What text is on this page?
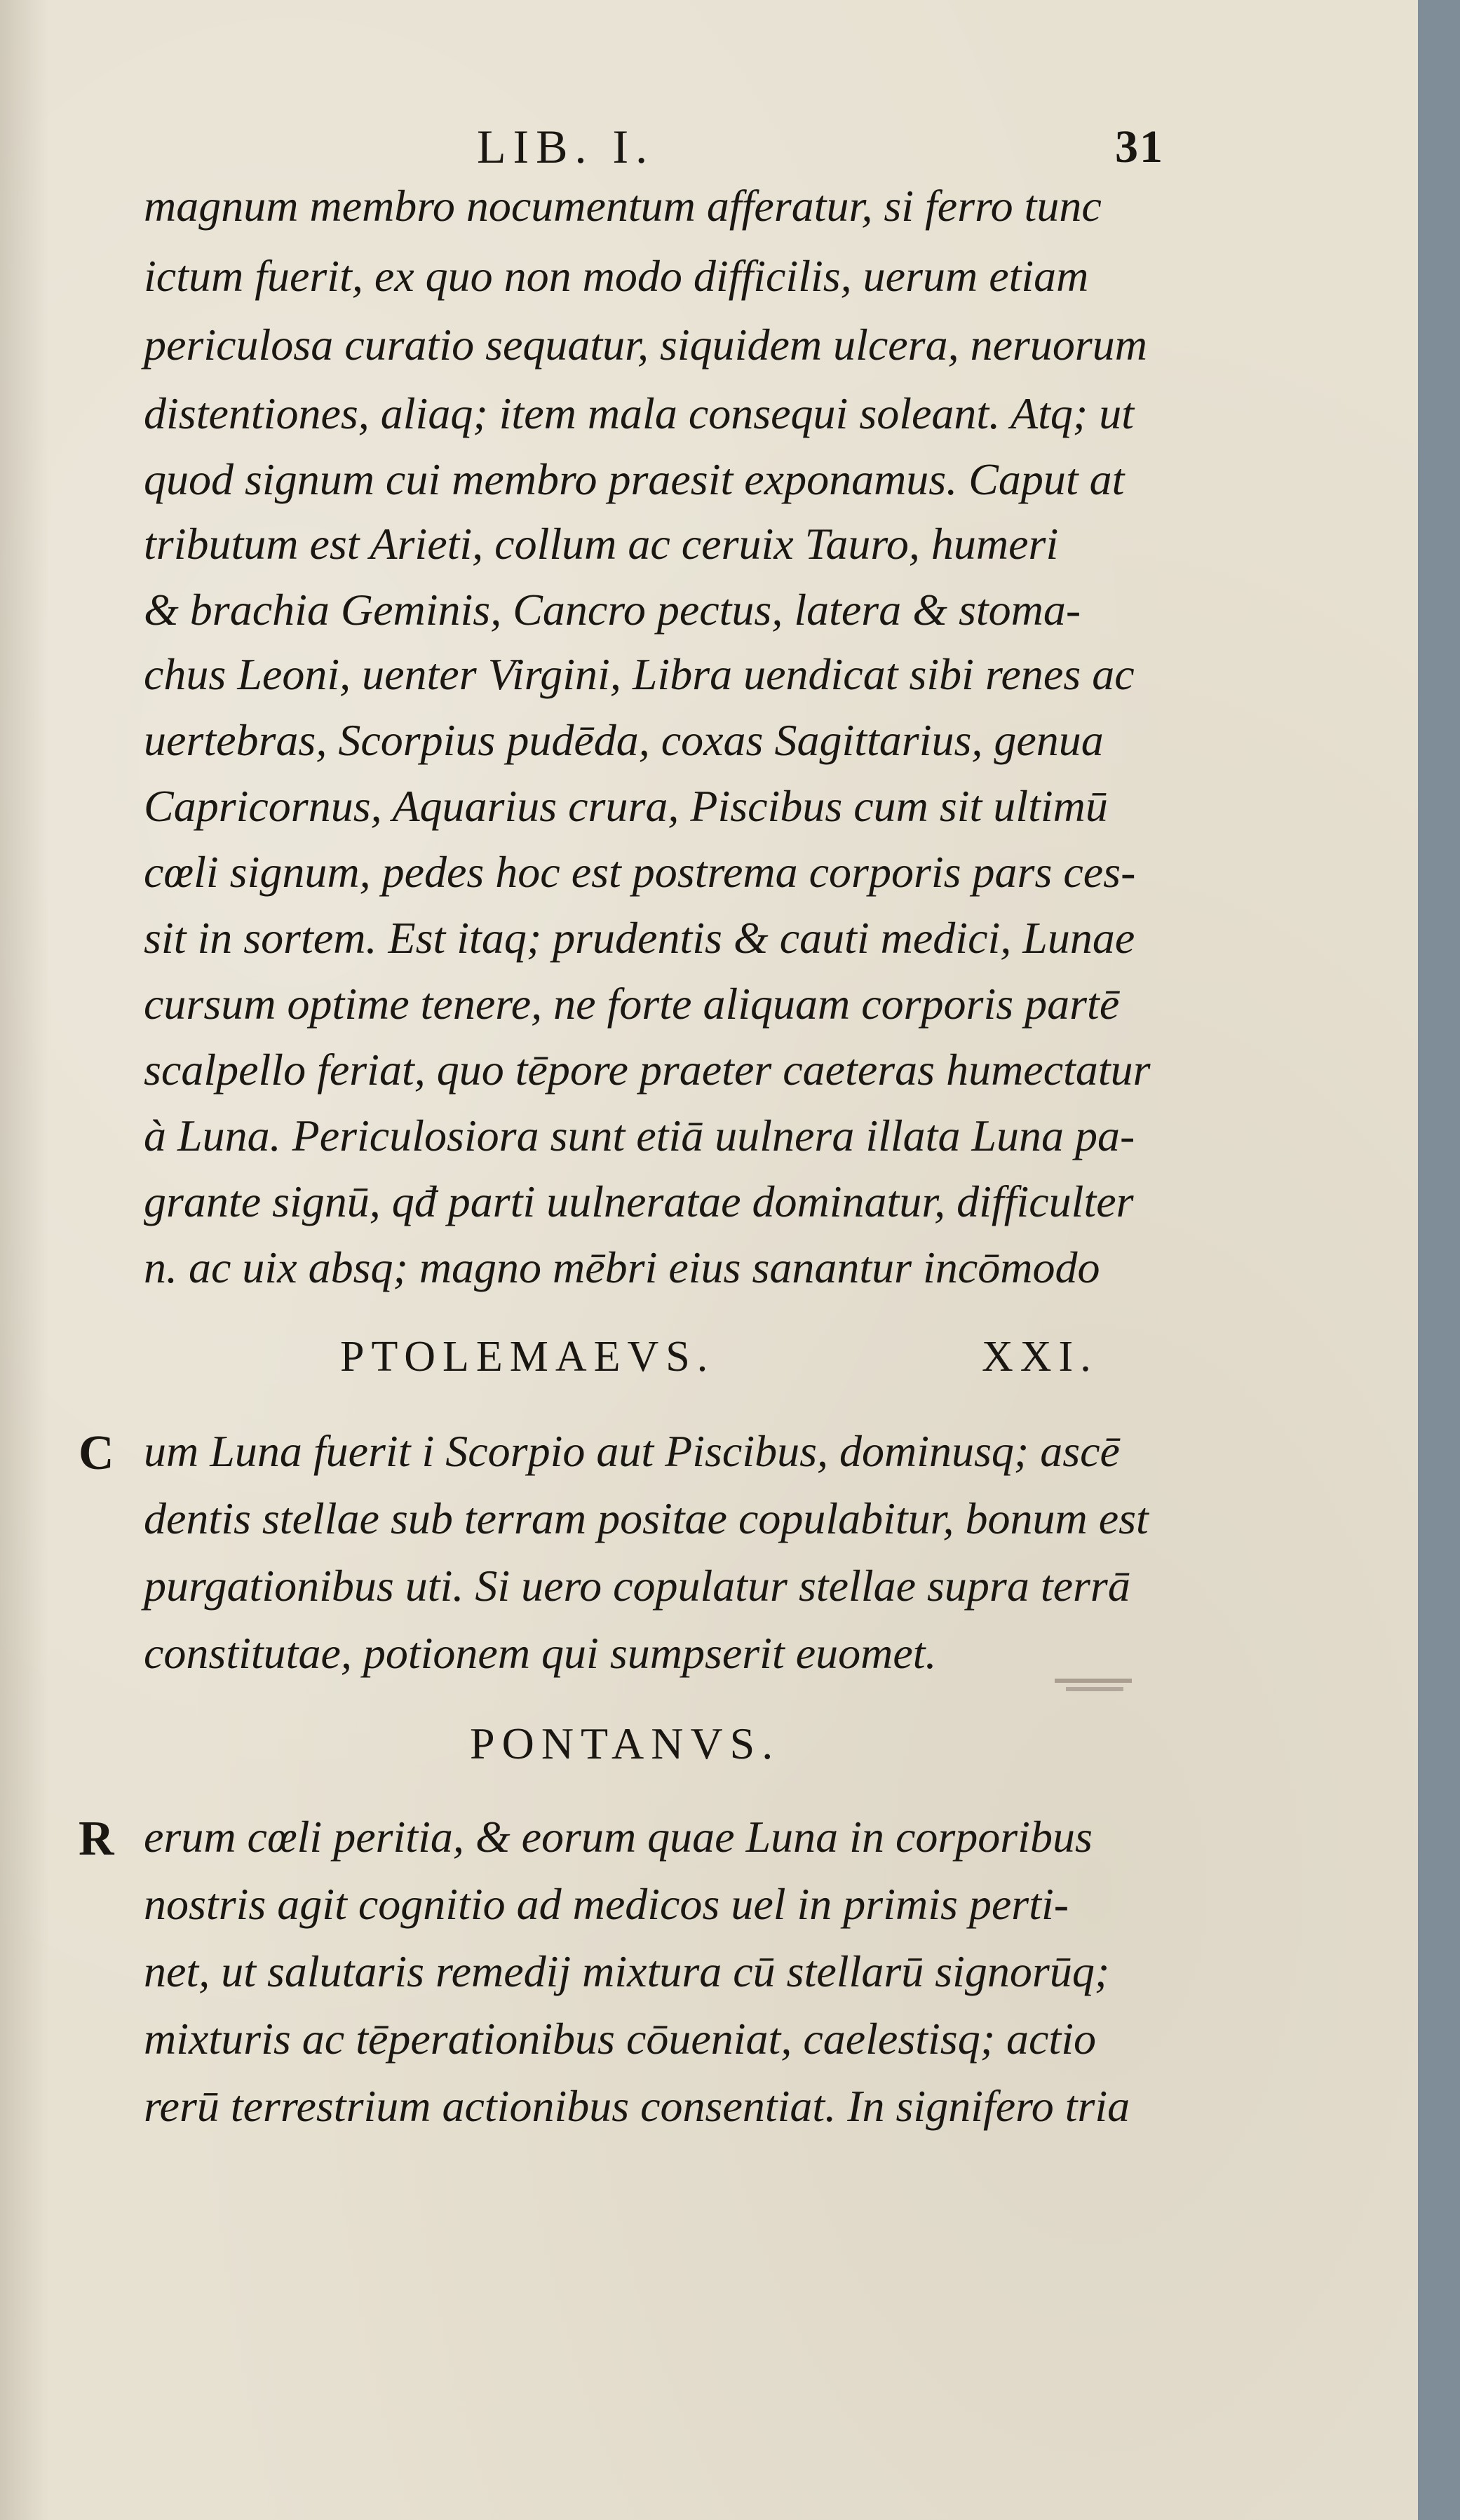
LIB. I.	31
magnum membro nocumentum afferatur, si ferro tunc
ictum fuerit, ex quo non modo difficilis, uerum etiam
periculosa curatio sequatur, siquidem ulcera, neruorum
distentiones, aliaq; item mala consequi soleant. Atq; ut
quod signum cui membro praesit exponamus. Caput at
tributum est Arieti, collum ac ceruix Tauro, humeri
& brachia Geminis, Cancro pectus, latera & stoma-
chus Leoni, uenter Virgini, Libra uendicat sibi renes ac
uertebras, Scorpius pudēda, coxas Sagittarius, genua
Capricornus, Aquarius crura, Piscibus cum sit ultimū
cœli signum, pedes hoc est postrema corporis pars ces-
sit in sortem. Est itaq; prudentis & cauti medici, Lunae
cursum optime tenere, ne forte aliquam corporis partē
scalpello feriat, quo tēpore praeter caeteras humectatur
à Luna. Periculosiora sunt etiā uulnera illata Luna pa-
grante signū, qđ parti uulneratae dominatur, difficulter
n. ac uix absq; magno mēbri eius sanantur incōmodo
PTOLEMAEVS.	XXI.
C um Luna fuerit i Scorpio aut Piscibus, dominusq; ascē
dentis stellae sub terram positae copulabitur, bonum est
purgationibus uti. Si uero copulatur stellae supra terrā
constitutae, potionem qui sumpserit euomet.
PONTANVS.
R erum cœli peritia, & eorum quae Luna in corporibus
nostris agit cognitio ad medicos uel in primis perti-
net, ut salutaris remedij mixtura cū stellarū signorūq;
mixturis ac tēperationibus cōueniat, caelestisq; actio
rerū terrestrium actionibus consentiat. In signifero tria
